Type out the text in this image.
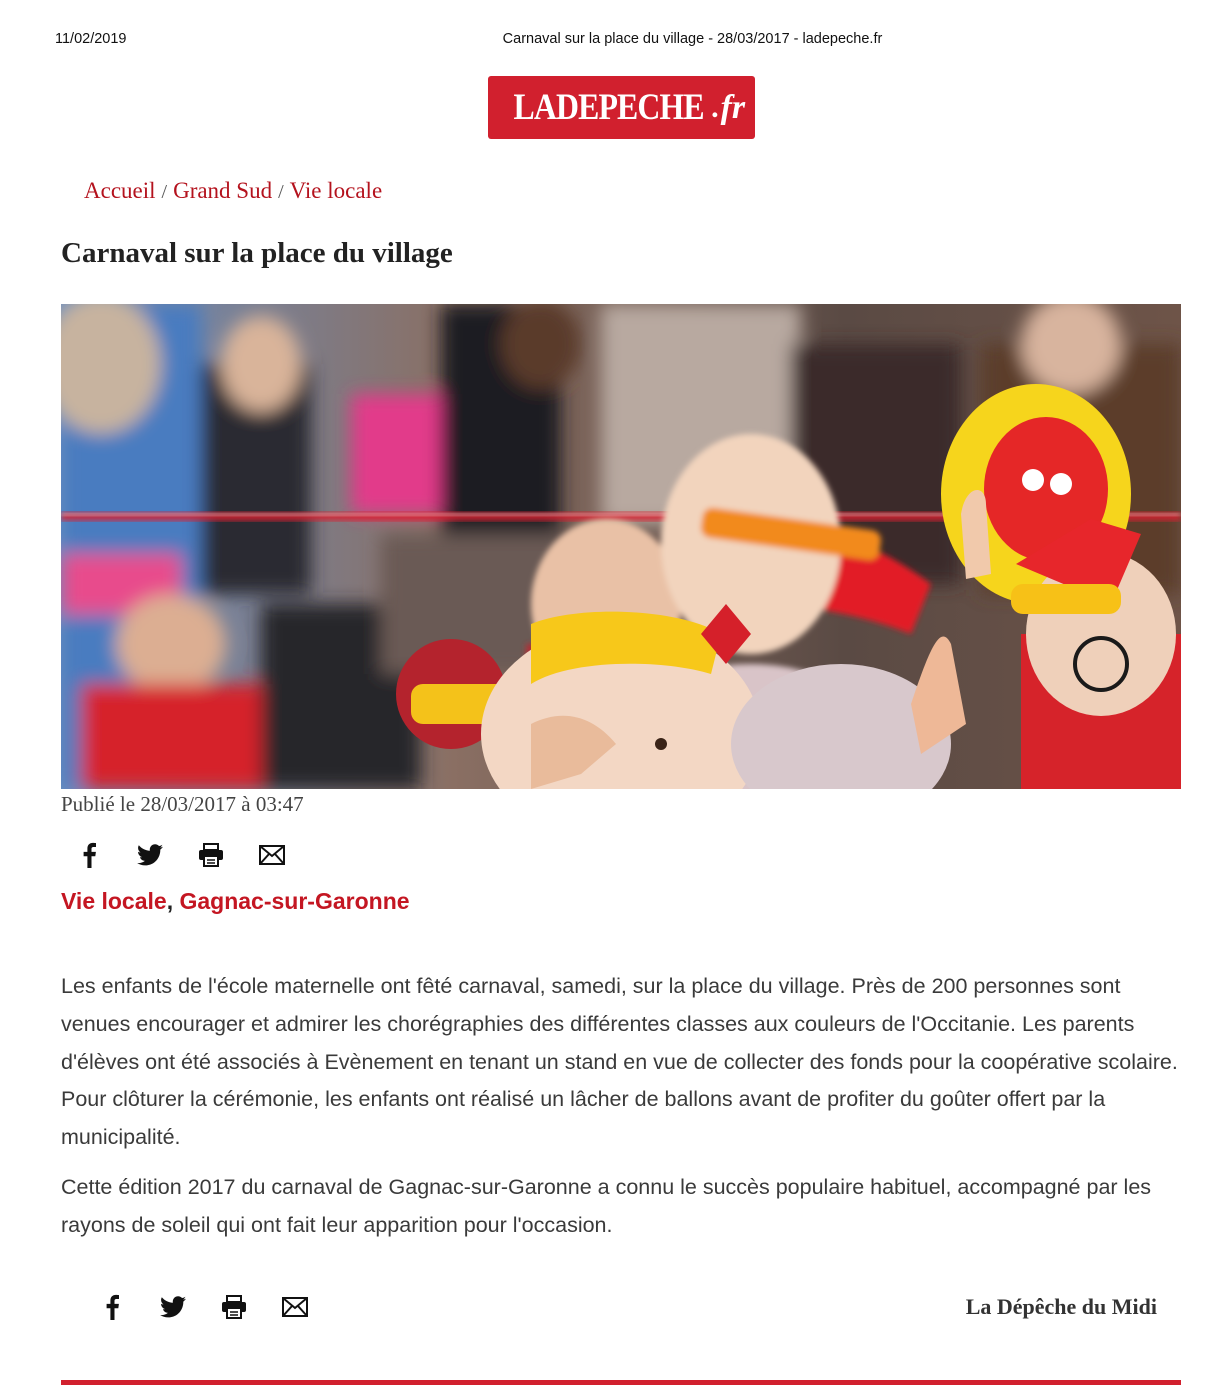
11/02/2019	Carnaval sur la place du village - 28/03/2017 - ladepeche.fr
LADEPECHE . fr
Accueil / Grand Sud / Vie locale
Carnaval sur la place du village
Publié le 28/03/2017 à 03:47
Vie locale, Gagnac-sur-Garonne

Les enfants de l'école maternelle ont fêté carnaval, samedi, sur la place du village. Près de 200 personnes sont venues encourager et admirer les chorégraphies des différentes classes aux couleurs de l'Occitanie. Les parents d'élèves ont été associés à Evènement en tenant un stand en vue de collecter des fonds pour la coopérative scolaire. Pour clôturer la cérémonie, les enfants ont réalisé un lâcher de ballons avant de profiter du goûter offert par la municipalité.

Cette édition 2017 du carnaval de Gagnac-sur-Garonne a connu le succès populaire habituel, accompagné par les rayons de soleil qui ont fait leur apparition pour l'occasion.

La Dépêche du Midi
